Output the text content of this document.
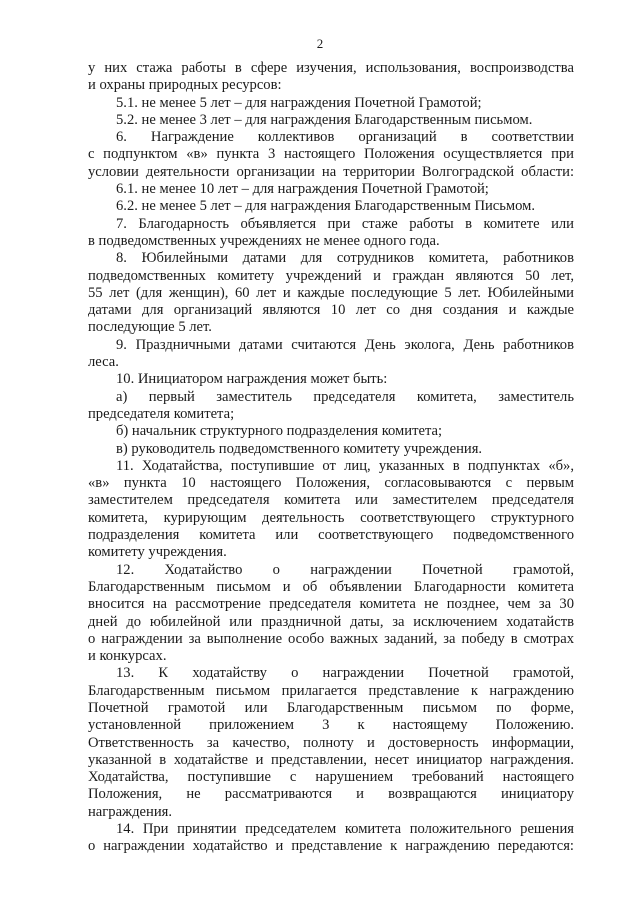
2

у них стажа работы в сфере изучения, использования, воспроизводства

и охраны природных ресурсов:

5.1. не менее 5 лет – для награждения Почетной Грамотой;

5.2. не менее 3 лет – для награждения Благодарственным письмом.

6. Награждение коллективов организаций в соответствии

с подпунктом «в» пункта 3 настоящего Положения осуществляется при

условии деятельности организации на территории Волгоградской области:

6.1. не менее 10 лет – для награждения Почетной Грамотой;

6.2. не менее 5 лет – для награждения Благодарственным Письмом.

7. Благодарность объявляется при стаже работы в комитете или

в подведомственных учреждениях не менее одного года.

8. Юбилейными датами для сотрудников комитета, работников

подведомственных комитету учреждений и граждан являются 50 лет,

55 лет (для женщин), 60 лет и каждые последующие 5 лет. Юбилейными

датами для организаций являются 10 лет со дня создания и каждые

последующие 5 лет.

9. Праздничными датами считаются День эколога, День работников

леса.

10. Инициатором награждения может быть:

а) первый заместитель председателя комитета, заместитель

председателя комитета;

б) начальник структурного подразделения комитета;

в) руководитель подведомственного комитету учреждения.

11. Ходатайства, поступившие от лиц, указанных в подпунктах «б»,

«в» пункта 10 настоящего Положения, согласовываются с первым

заместителем председателя комитета или заместителем председателя

комитета, курирующим деятельность соответствующего структурного

подразделения комитета или соответствующего подведомственного

комитету учреждения.

12. Ходатайство о награждении Почетной грамотой,

Благодарственным письмом и об объявлении Благодарности комитета

вносится на рассмотрение председателя комитета не позднее, чем за 30

дней до юбилейной или праздничной даты, за исключением ходатайств

о награждении за выполнение особо важных заданий, за победу в смотрах

и конкурсах.

13. К ходатайству о награждении Почетной грамотой,

Благодарственным письмом прилагается представление к награждению

Почетной грамотой или Благодарственным письмом по форме,

установленной приложением 3 к настоящему Положению.

Ответственность за качество, полноту и достоверность информации,

указанной в ходатайстве и представлении, несет инициатор награждения.

Ходатайства, поступившие с нарушением требований настоящего

Положения, не рассматриваются и возвращаются инициатору

награждения.

14. При принятии председателем комитета положительного решения

о награждении ходатайство и представление к награждению передаются:
